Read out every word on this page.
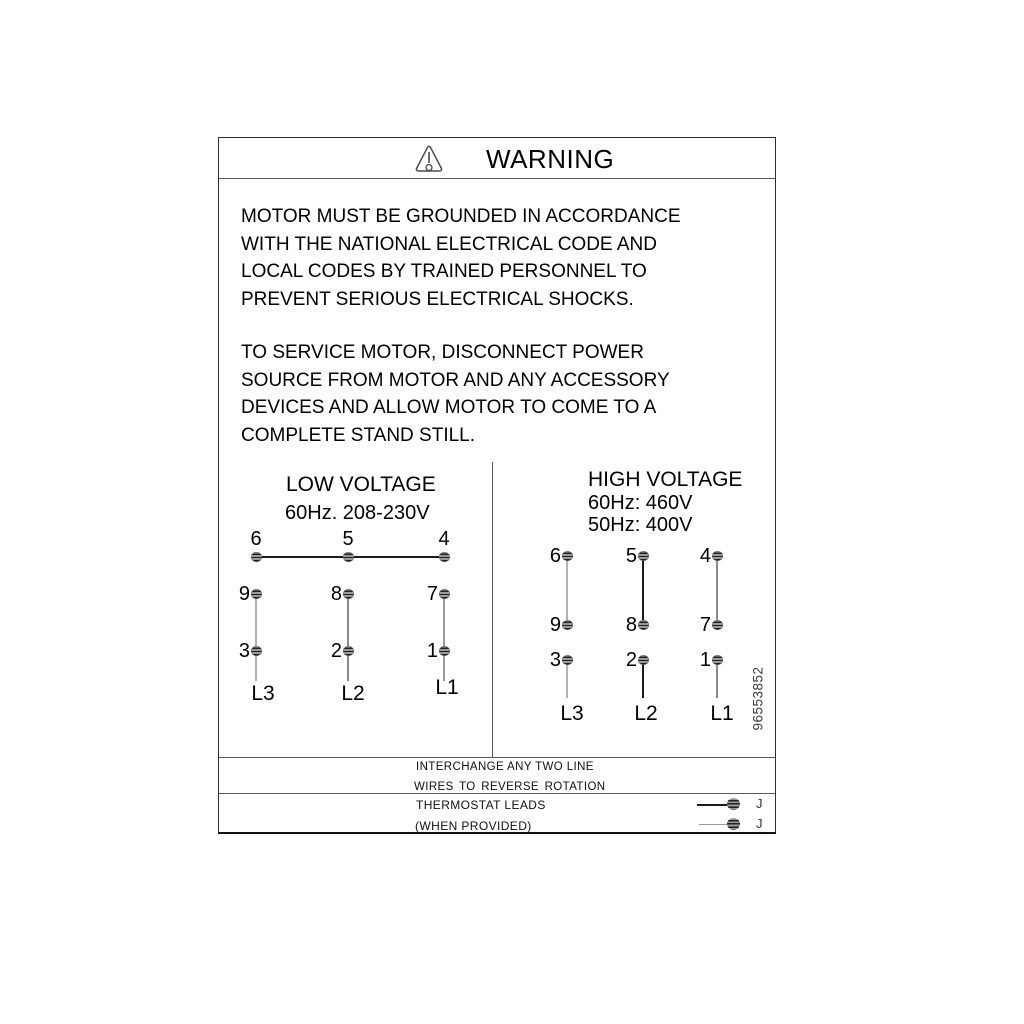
WARNING
MOTOR MUST BE GROUNDED IN ACCORDANCE
WITH THE NATIONAL ELECTRICAL CODE AND
LOCAL CODES BY TRAINED PERSONNEL TO
PREVENT SERIOUS ELECTRICAL SHOCKS.
TO SERVICE MOTOR, DISCONNECT POWER
SOURCE FROM MOTOR AND ANY ACCESSORY
DEVICES AND ALLOW MOTOR TO COME TO A
COMPLETE STAND STILL.
LOW VOLTAGE
60Hz. 208-230V
6	5	4
9	8	7
3	2	1
L3	L2	L1
HIGH VOLTAGE
60Hz: 460V
50Hz: 400V
6	5	4
9	8	7
3	2	1
L3	L2	L1	96553852
INTERCHANGE ANY TWO LINE
WIRES TO REVERSE ROTATION
THERMOSTAT LEADS
(WHEN PROVIDED)
J
J
